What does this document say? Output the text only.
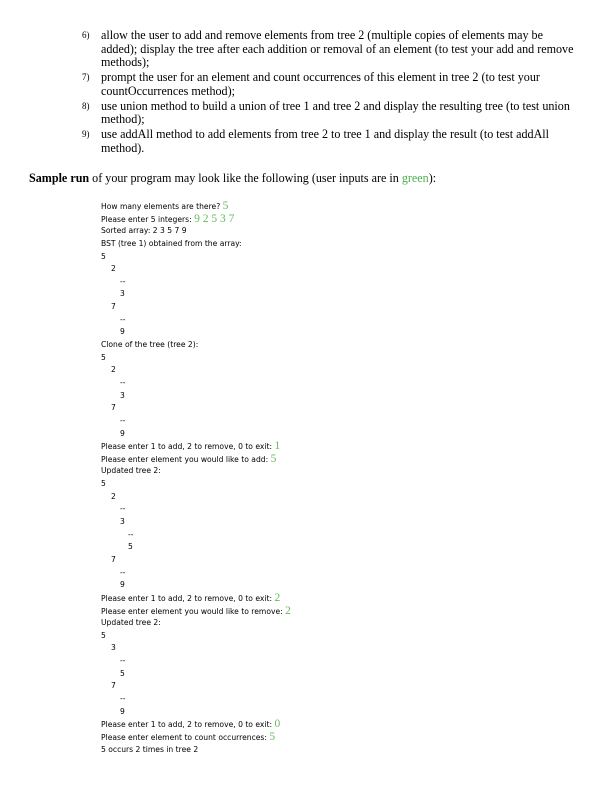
6) allow the user to add and remove elements from tree 2 (multiple copies of elements may be added); display the tree after each addition or removal of an element (to test your add and remove methods);
7) prompt the user for an element and count occurrences of this element in tree 2 (to test your countOccurrences method);
8) use union method to build a union of tree 1 and tree 2 and display the resulting tree (to test union method);
9) use addAll method to add elements from tree 2 to tree 1 and display the result (to test addAll method).
Sample run of your program may look like the following (user inputs are in green):
How many elements are there? 5
Please enter 5 integers: 9 2 5 3 7
Sorted array: 2 3 5 7 9
BST (tree 1) obtained from the array:
5
2
--
3
7
--
9
Clone of the tree (tree 2):
5
2
--
3
7
--
9
Please enter 1 to add, 2 to remove, 0 to exit: 1
Please enter element you would like to add: 5
Updated tree 2:
5
2
--
3
--
5
7
--
9
Please enter 1 to add, 2 to remove, 0 to exit: 2
Please enter element you would like to remove: 2
Updated tree 2:
5
3
--
5
7
--
9
Please enter 1 to add, 2 to remove, 0 to exit: 0
Please enter element to count occurrences: 5
5 occurs 2 times in tree 2
